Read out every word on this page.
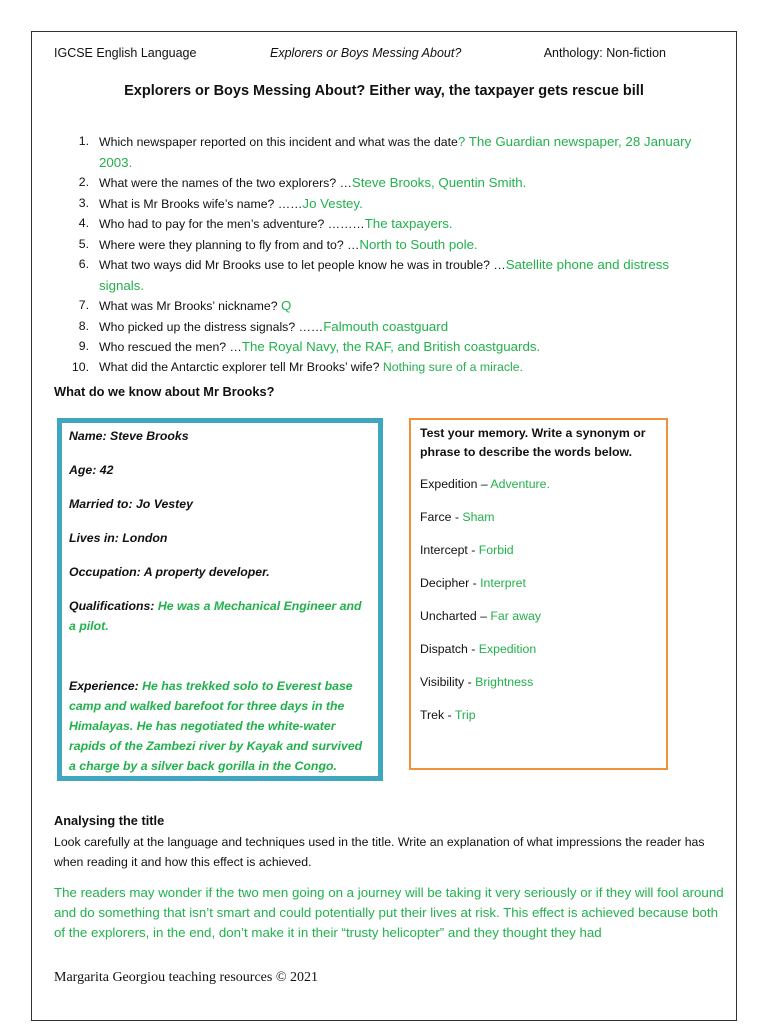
IGCSE English Language	Explorers or Boys Messing About?	Anthology: Non-fiction
Explorers or Boys Messing About? Either way, the taxpayer gets rescue bill
1. Which newspaper reported on this incident and what was the date? The Guardian newspaper, 28 January 2003.
2. What were the names of the two explorers? …Steve Brooks, Quentin Smith.
3. What is Mr Brooks wife’s name? ……Jo Vestey.
4. Who had to pay for the men’s adventure? ………The taxpayers.
5. Where were they planning to fly from and to? …North to South pole.
6. What two ways did Mr Brooks use to let people know he was in trouble? …Satellite phone and distress signals.
7. What was Mr Brooks’ nickname? Q
8. Who picked up the distress signals? ……Falmouth coastguard
9. Who rescued the men? …The Royal Navy, the RAF, and British coastguards.
10. What did the Antarctic explorer tell Mr Brooks’ wife? Nothing sure of a miracle.
What do we know about Mr Brooks?

Name: Steve Brooks

Age: 42

Married to: Jo Vestey

Lives in: London

Occupation: A property developer.

Qualifications: He was a Mechanical Engineer and a pilot.

Experience: He has trekked solo to Everest base camp and walked barefoot for three days in the Himalayas. He has negotiated the white-water rapids of the Zambezi river by Kayak and survived a charge by a silver back gorilla in the Congo.

Test your memory. Write a synonym or phrase to describe the words below.

Expedition – Adventure.
Farce - Sham
Intercept - Forbid
Decipher - Interpret
Uncharted – Far away
Dispatch - Expedition
Visibility - Brightness
Trek - Trip
Analysing the title
Look carefully at the language and techniques used in the title. Write an explanation of what impressions the reader has when reading it and how this effect is achieved.
The readers may wonder if the two men going on a journey will be taking it very seriously or if they will fool around and do something that isn’t smart and could potentially put their lives at risk. This effect is achieved because both of the explorers, in the end, don’t make it in their “trusty helicopter” and they thought they had
Margarita Georgiou teaching resources © 2021
